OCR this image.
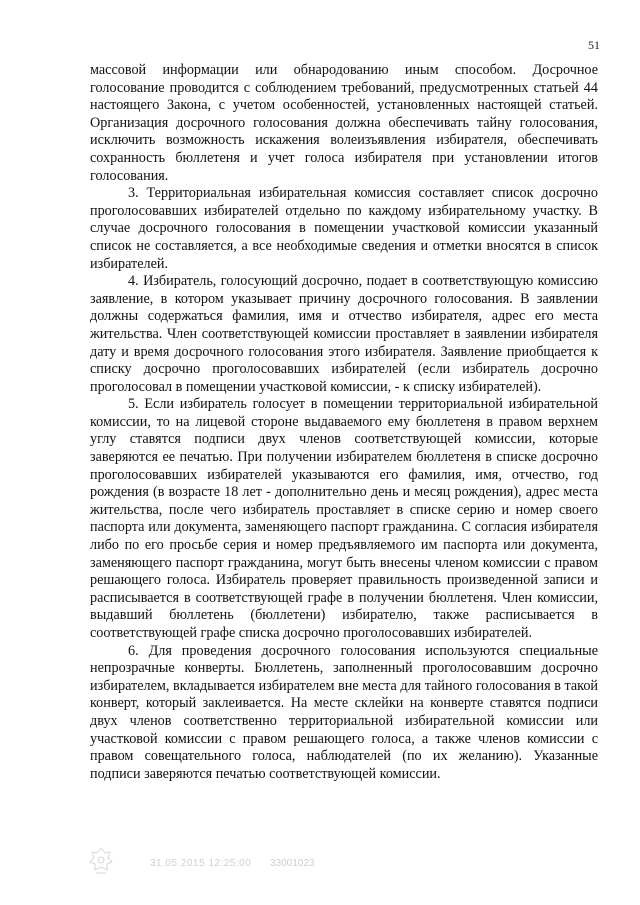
51

массовой информации или обнародованию иным способом. Досрочное голосование проводится с соблюдением требований, предусмотренных статьей 44 настоящего Закона, с учетом особенностей, установленных настоящей статьей. Организация досрочного голосования должна обеспечивать тайну голосования, исключить возможность искажения волеизъявления избирателя, обеспечивать сохранность бюллетеня и учет голоса избирателя при установлении итогов голосования.

3. Территориальная избирательная комиссия составляет список досрочно проголосовавших избирателей отдельно по каждому избирательному участку. В случае досрочного голосования в помещении участковой комиссии указанный список не составляется, а все необходимые сведения и отметки вносятся в список избирателей.

4. Избиратель, голосующий досрочно, подает в соответствующую комиссию заявление, в котором указывает причину досрочного голосования. В заявлении должны содержаться фамилия, имя и отчество избирателя, адрес его места жительства. Член соответствующей комиссии проставляет в заявлении избирателя дату и время досрочного голосования этого избирателя. Заявление приобщается к списку досрочно проголосовавших избирателей (если избиратель досрочно проголосовал в помещении участковой комиссии, - к списку избирателей).

5. Если избиратель голосует в помещении территориальной избирательной комиссии, то на лицевой стороне выдаваемого ему бюллетеня в правом верхнем углу ставятся подписи двух членов соответствующей комиссии, которые заверяются ее печатью. При получении избирателем бюллетеня в списке досрочно проголосовавших избирателей указываются его фамилия, имя, отчество, год рождения (в возрасте 18 лет - дополнительно день и месяц рождения), адрес места жительства, после чего избиратель проставляет в списке серию и номер своего паспорта или документа, заменяющего паспорт гражданина. С согласия избирателя либо по его просьбе серия и номер предъявляемого им паспорта или документа, заменяющего паспорт гражданина, могут быть внесены членом комиссии с правом решающего голоса. Избиратель проверяет правильность произведенной записи и расписывается в соответствующей графе в получении бюллетеня. Член комиссии, выдавший бюллетень (бюллетени) избирателю, также расписывается в соответствующей графе списка досрочно проголосовавших избирателей.

6. Для проведения досрочного голосования используются специальные непрозрачные конверты. Бюллетень, заполненный проголосовавшим досрочно избирателем, вкладывается избирателем вне места для тайного голосования в такой конверт, который заклеивается. На месте склейки на конверте ставятся подписи двух членов соответственно территориальной избирательной комиссии или участковой комиссии с правом решающего голоса, а также членов комиссии с правом совещательного голоса, наблюдателей (по их желанию). Указанные подписи заверяются печатью соответствующей комиссии.

31.05.2015 12:25:00 33001023
